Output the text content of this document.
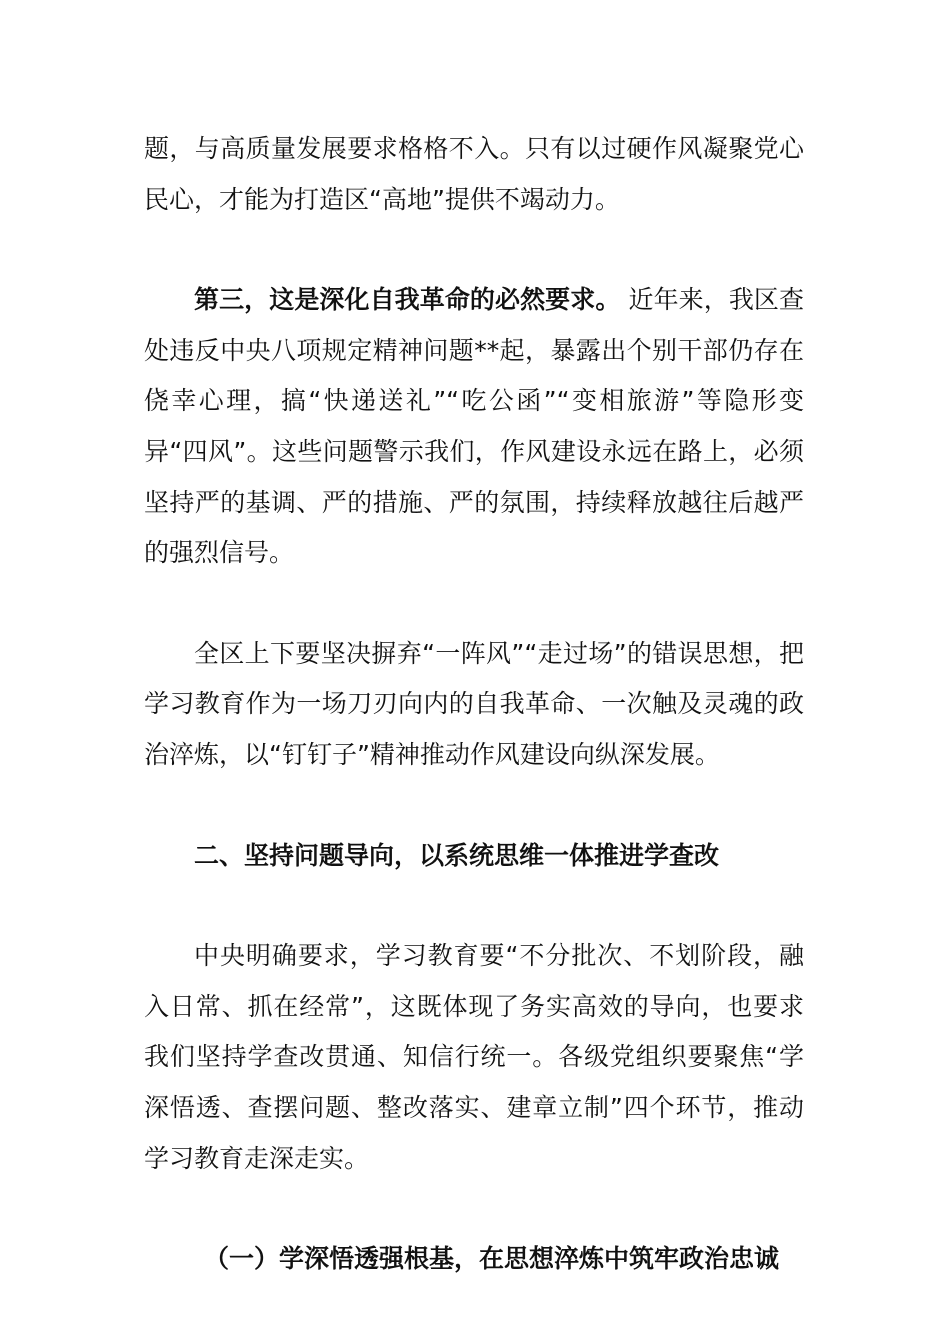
题，与高质量发展要求格格不入。只有以过硬作风凝聚党心民心，才能为打造区“高地”提供不竭动力。

第三，这是深化自我革命的必然要求。 近年来，我区查处违反中央八项规定精神问题**起，暴露出个别干部仍存在侥幸心理，搞“快递送礼”“吃公函”“变相旅游”等隐形变异“四风”。这些问题警示我们，作风建设永远在路上，必须坚持严的基调、严的措施、严的氛围，持续释放越往后越严的强烈信号。

全区上下要坚决摒弃“一阵风”“走过场”的错误思想，把学习教育作为一场刀刃向内的自我革命、一次触及灵魂的政治淬炼，以“钉钉子”精神推动作风建设向纵深发展。

二、坚持问题导向，以系统思维一体推进学查改

中央明确要求，学习教育要“不分批次、不划阶段，融入日常、抓在经常”，这既体现了务实高效的导向，也要求我们坚持学查改贯通、知信行统一。各级党组织要聚焦“学深悟透、查摆问题、整改落实、建章立制”四个环节，推动学习教育走深走实。

（一）学深悟透强根基，在思想淬炼中筑牢政治忠诚
